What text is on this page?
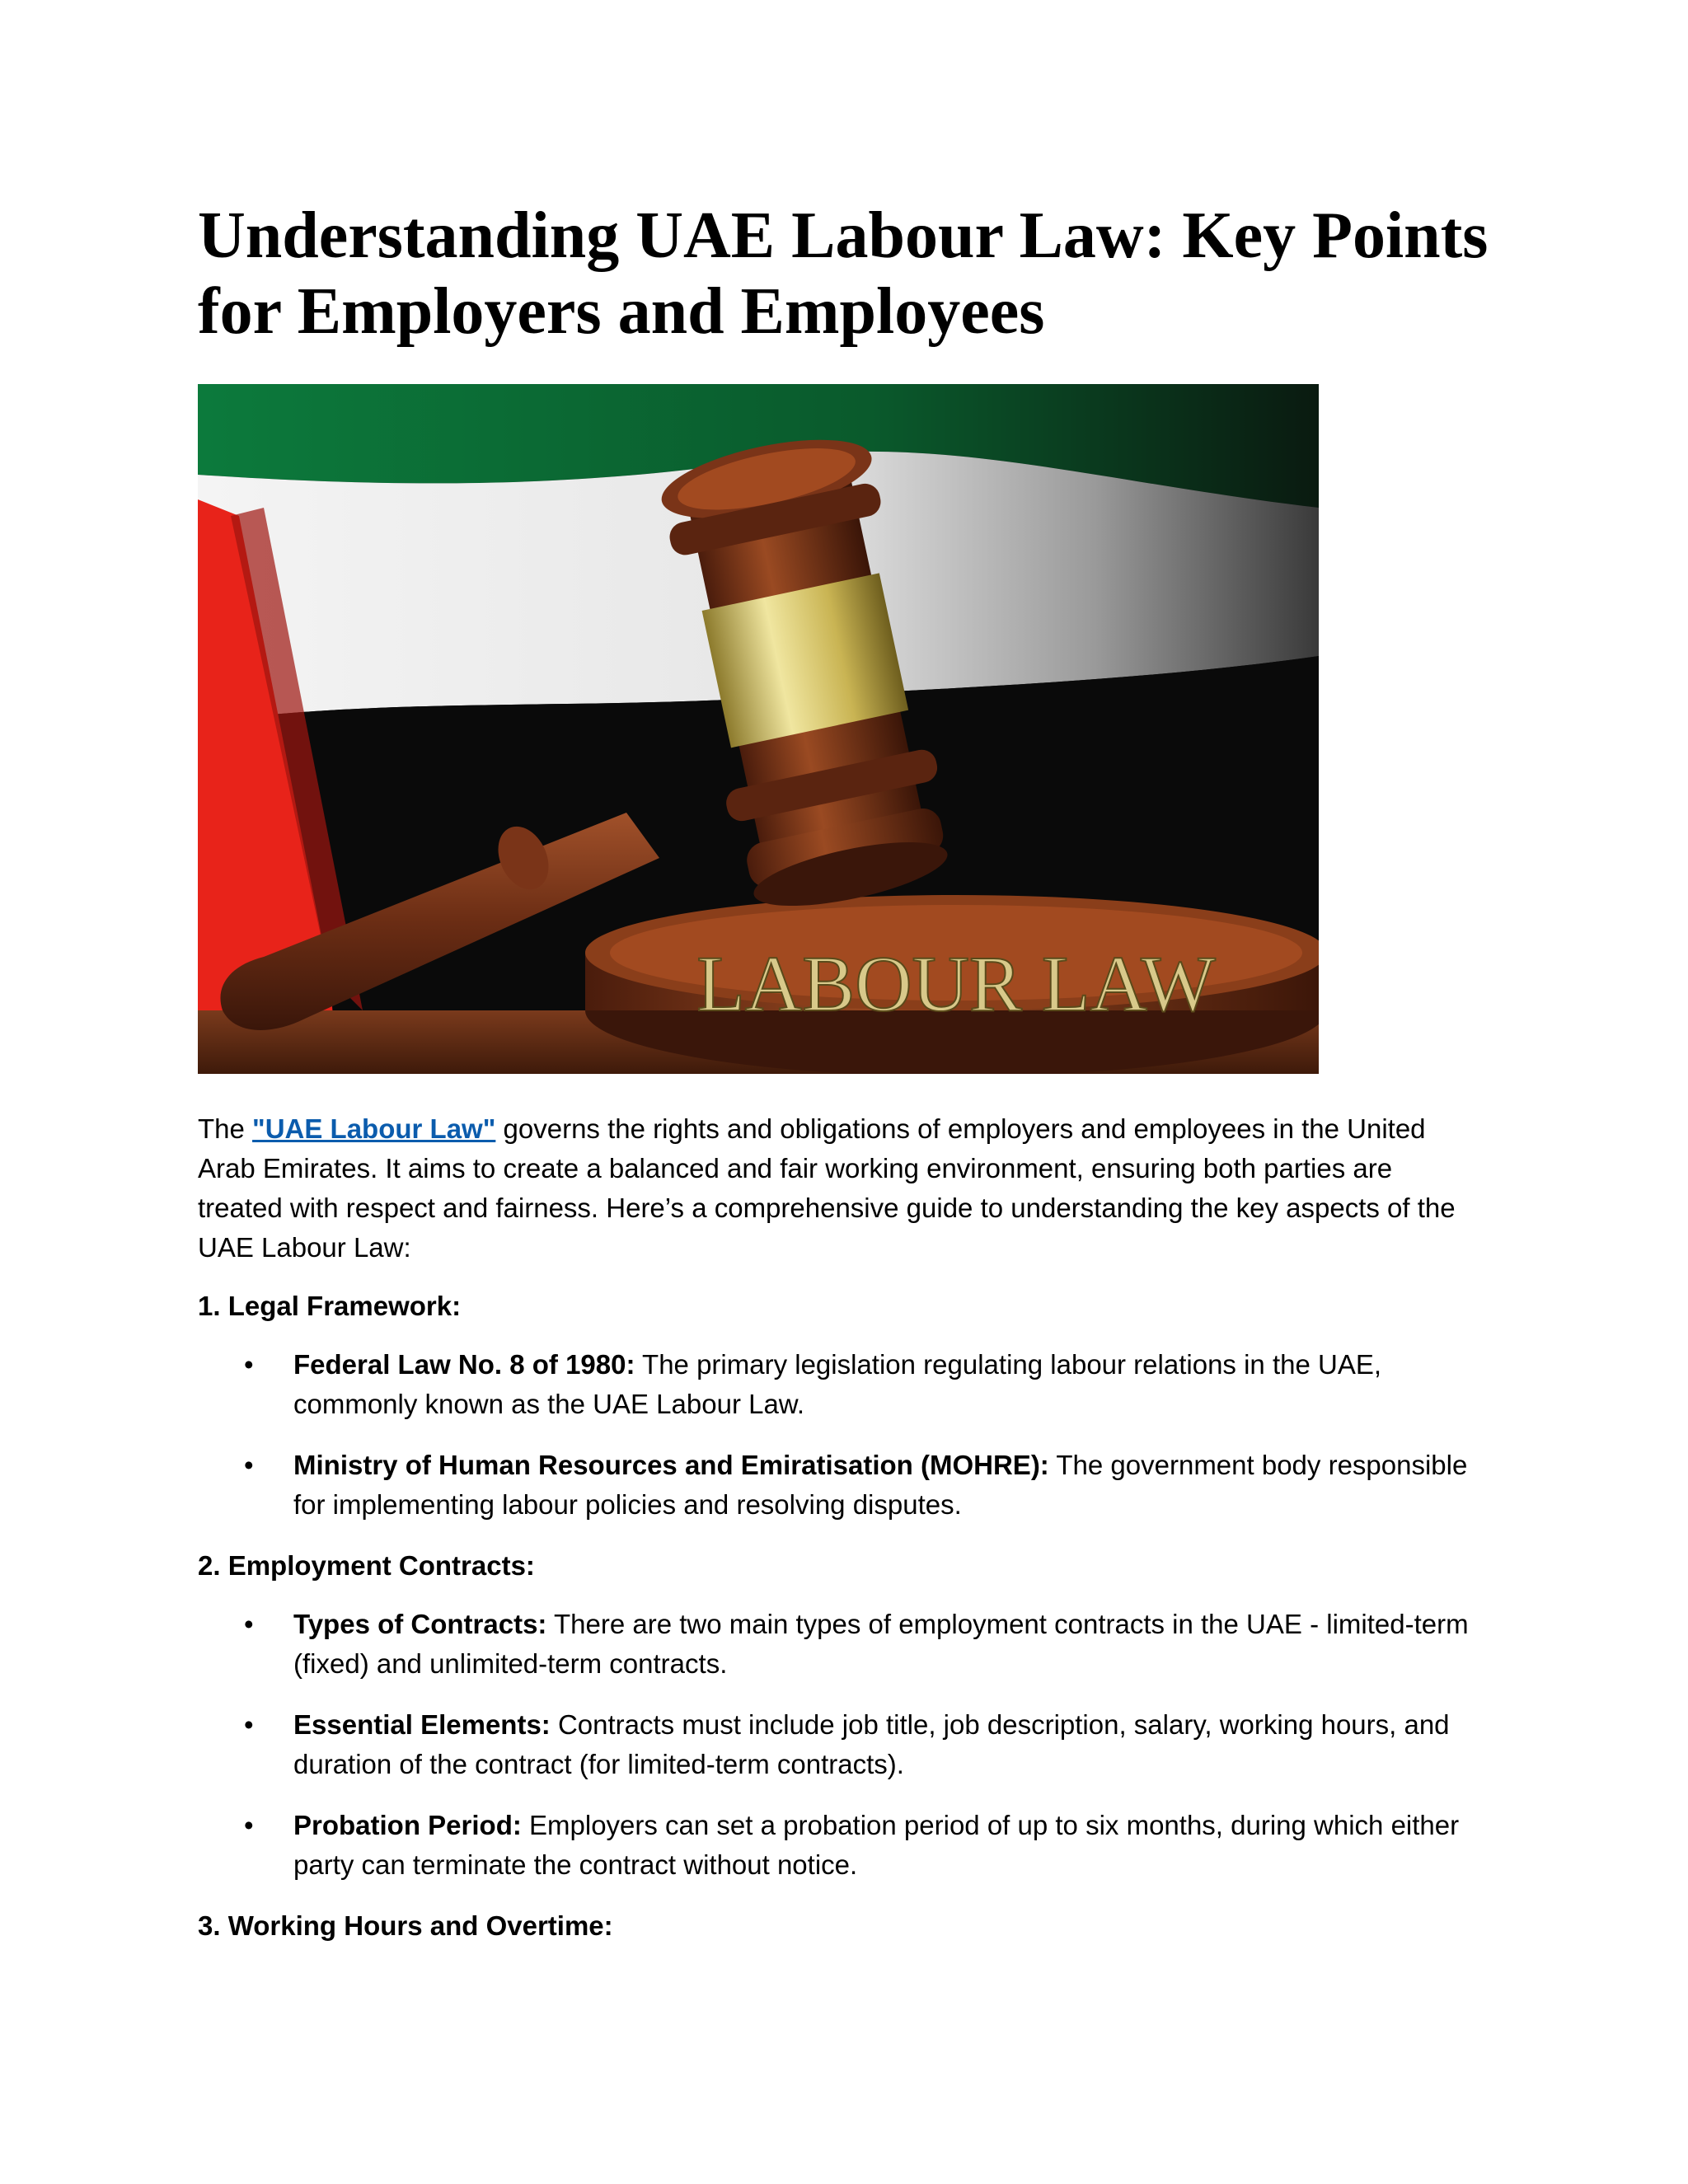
Understanding UAE Labour Law: Key Points for Employers and Employees
LABOUR LAW

The "UAE Labour Law" governs the rights and obligations of employers and employees in the United Arab Emirates. It aims to create a balanced and fair working environment, ensuring both parties are treated with respect and fairness. Here’s a comprehensive guide to understanding the key aspects of the UAE Labour Law:

1. Legal Framework:

• Federal Law No. 8 of 1980: The primary legislation regulating labour relations in the UAE, commonly known as the UAE Labour Law.
• Ministry of Human Resources and Emiratisation (MOHRE): The government body responsible for implementing labour policies and resolving disputes.

2. Employment Contracts:

• Types of Contracts: There are two main types of employment contracts in the UAE - limited-term (fixed) and unlimited-term contracts.
• Essential Elements: Contracts must include job title, job description, salary, working hours, and duration of the contract (for limited-term contracts).
• Probation Period: Employers can set a probation period of up to six months, during which either party can terminate the contract without notice.

3. Working Hours and Overtime:
